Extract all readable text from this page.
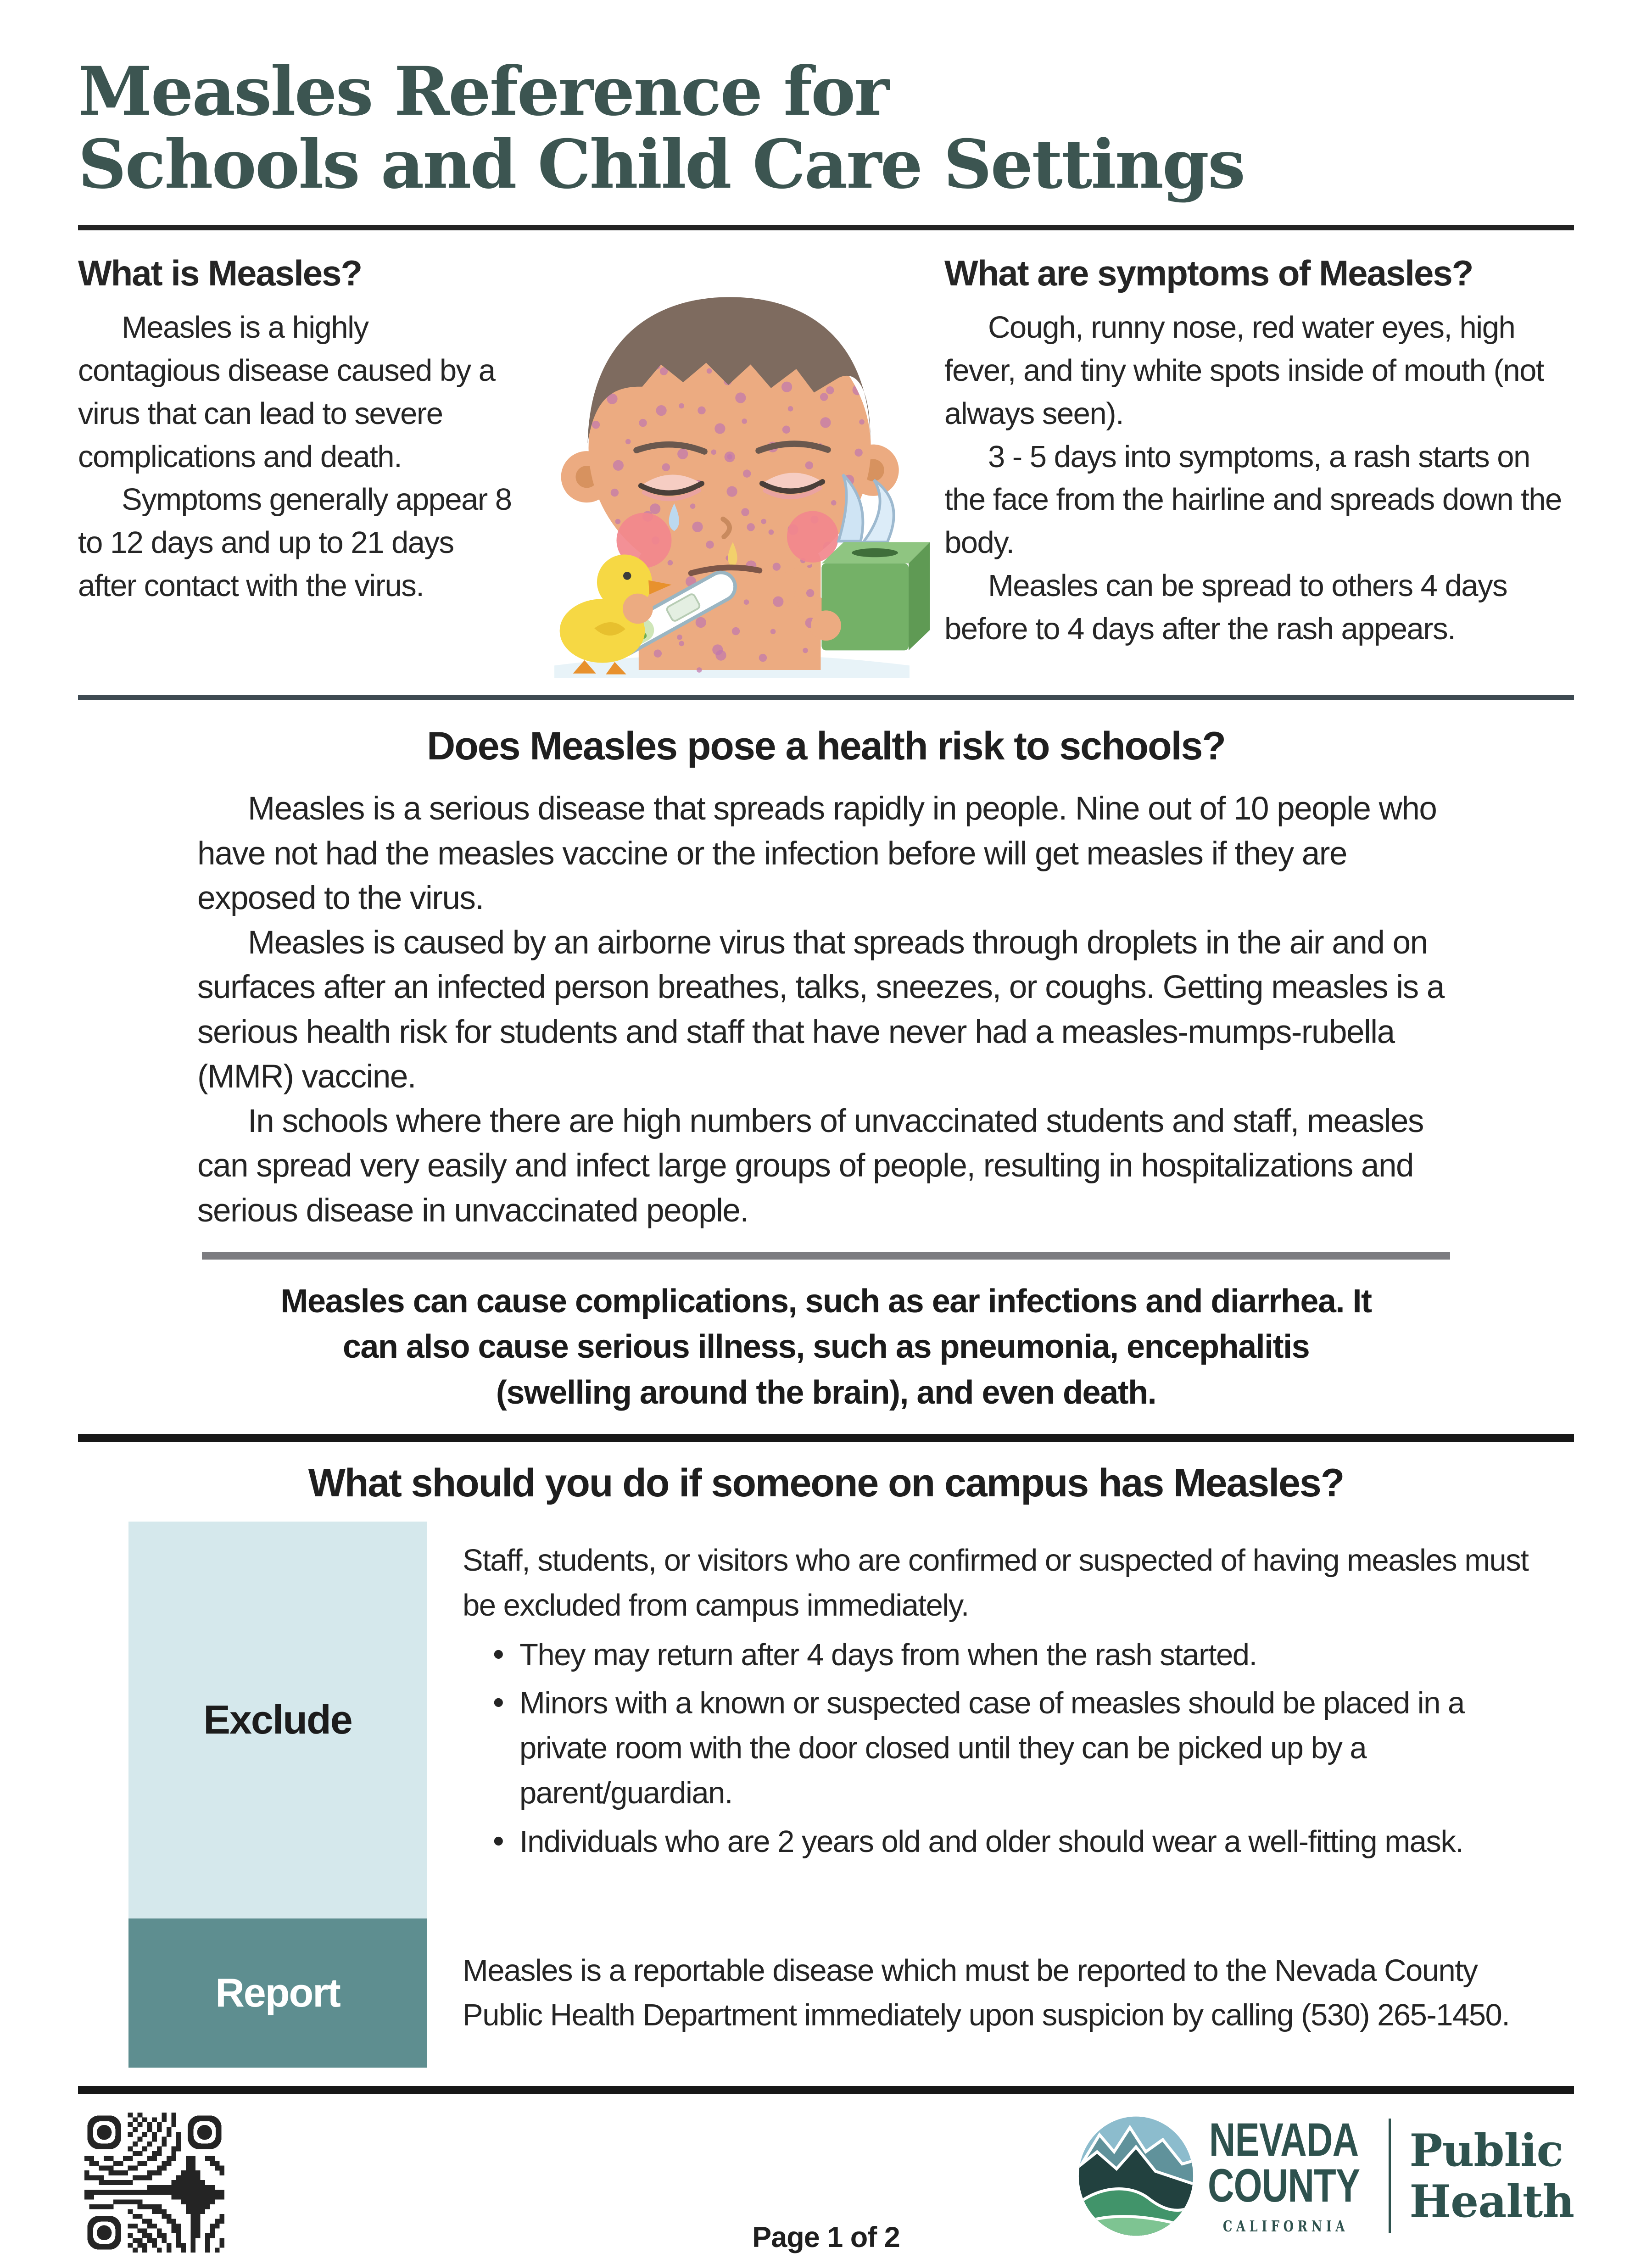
Measles Reference for
Schools and Child Care Settings
What is Measles?

Measles is a highly contagious disease caused by a virus that can lead to severe complications and death.

Symptoms generally appear 8 to 12 days and up to 21 days after contact with the virus.

What are symptoms of Measles?

Cough, runny nose, red water eyes, high fever, and tiny white spots inside of mouth (not always seen).

3 - 5 days into symptoms, a rash starts on the face from the hairline and spreads down the body.

Measles can be spread to others 4 days before to 4 days after the rash appears.

Does Measles pose a health risk to schools?

Measles is a serious disease that spreads rapidly in people. Nine out of 10 people who have not had the measles vaccine or the infection before will get measles if they are exposed to the virus.

Measles is caused by an airborne virus that spreads through droplets in the air and on surfaces after an infected person breathes, talks, sneezes, or coughs. Getting measles is a serious health risk for students and staff that have never had a measles-mumps-rubella (MMR) vaccine.

In schools where there are high numbers of unvaccinated students and staff, measles can spread very easily and infect large groups of people, resulting in hospitalizations and serious disease in unvaccinated people.

Measles can cause complications, such as ear infections and diarrhea. It can also cause serious illness, such as pneumonia, encephalitis (swelling around the brain), and even death.
What should you do if someone on campus has Measles?
Exclude

Staff, students, or visitors who are confirmed or suspected of having measles must be excluded from campus immediately.

• They may return after 4 days from when the rash started.
• Minors with a known or suspected case of measles should be placed in a private room with the door closed until they can be picked up by a parent/guardian.
• Individuals who are 2 years old and older should wear a well-fitting mask.
Report	Measles is a reportable disease which must be reported to the Nevada County Public Health Department immediately upon suspicion by calling (530) 265-1450.

Page 1 of 2
NEVADA
COUNTY
CALIFORNIA
Public
Health
